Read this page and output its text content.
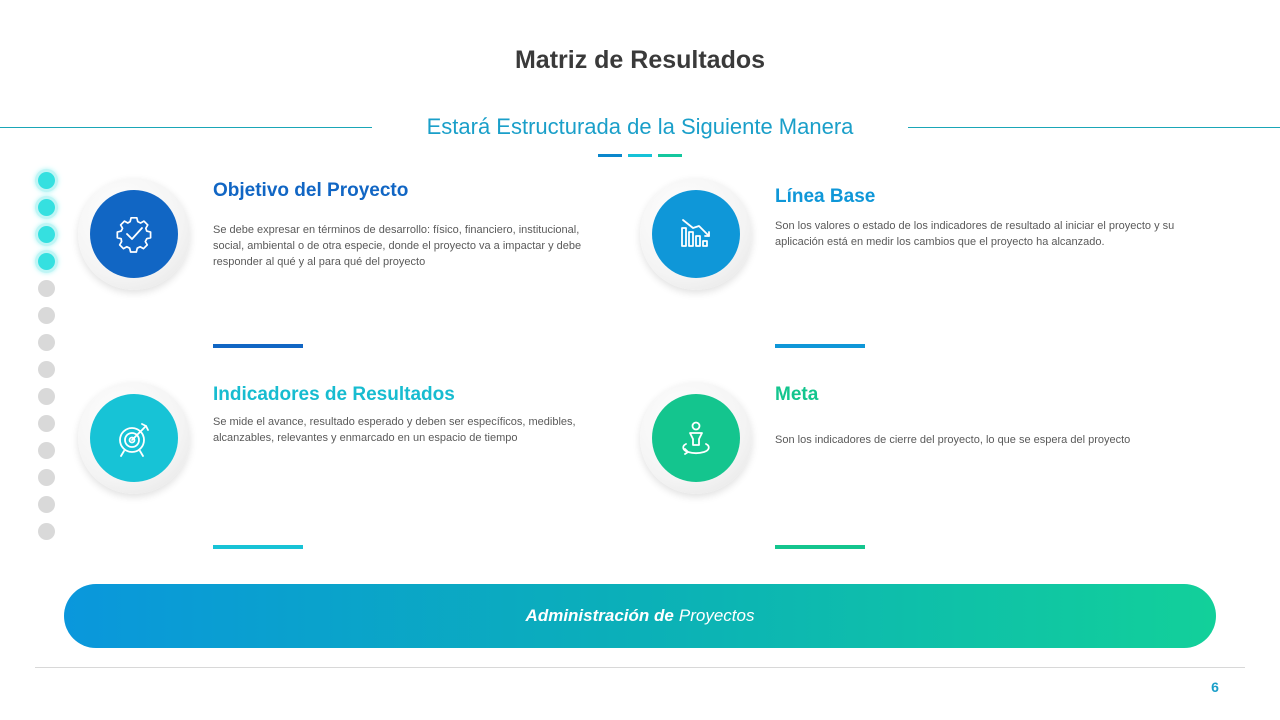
Matriz de Resultados
Estará Estructurada de la Siguiente Manera
Objetivo del Proyecto
Se debe expresar en términos de desarrollo: físico, financiero, institucional, social, ambiental o de otra especie, donde el proyecto va a impactar y debe responder al qué y al para qué del proyecto
Línea Base
Son los valores o estado de los indicadores de resultado al iniciar el proyecto y su aplicación está en medir los cambios que el proyecto ha alcanzado.
Indicadores de Resultados
Se mide el avance, resultado esperado y deben ser específicos, medibles, alcanzables, relevantes y enmarcado en un espacio de tiempo
Meta
Son los indicadores de cierre del proyecto, lo que se espera del proyecto
Administración de Proyectos
6
